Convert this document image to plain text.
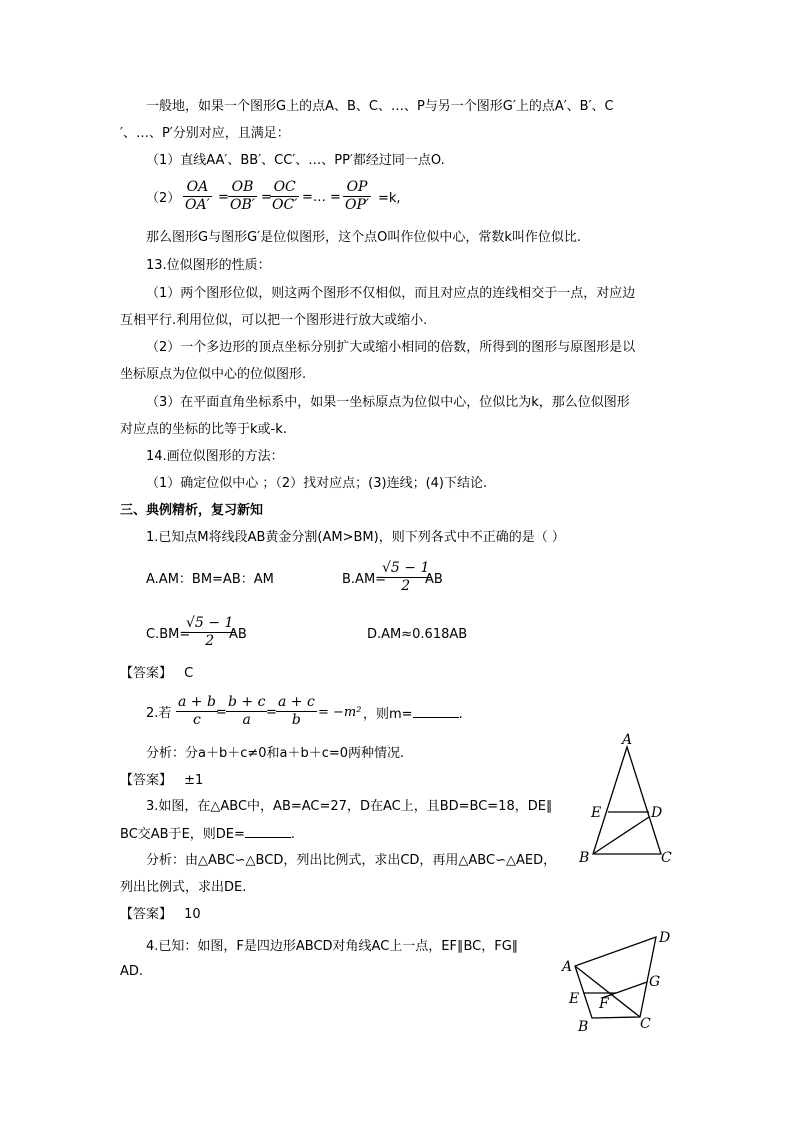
一般地，如果一个图形G上的点A、B、C、…、P与另一个图形G′上的点A′、B′、C
′、…、P′分别对应，且满足：
（1）直线AA′、BB′、CC′、…、PP′都经过同一点O.
$(2) \frac{OA}{OA'} = \frac{OB}{OB'}$ =
$\frac{OC}{OC'}$ =… = $\frac{OP}{OP'} =k$,
那么图形G与图形G′是位似图形，这个点O叫作位似中心，常数k叫作位似比.
13.位似图形的性质：
（1）两个图形位似，则这两个图形不仅相似，而且对应点的连线相交于一点，对应边
互相平行.利用位似，可以把一个图形进行放大或缩小.
（2）一个多边形的顶点坐标分别扩大或缩小相同的倍数，所得到的图形与原图形是以
坐标原点为位似中心的位似图形.
（3）在平面直角坐标系中，如果一坐标原点为位似中心，位似比为k，那么位似图形
对应点的坐标的比等于k或-k.
14.画位似图形的方法：
（1）确定位似中心 ；（2）找对应点；(3)连线；(4)下结论.
三、典例精析，复习新知
1.已知点M将线段AB黄金分割(AM>BM)，则下列各式中不正确的是（ ）
A.AM：BM=AB：AM	B.AM=
$\frac{√5 - 1}{2}$
AB
C.BM=
$\frac{√5 - 1}{2}$
AB	D.AM≈0.618AB
【答案】 C
2.若 $\frac{a + b}{c}$
= $\frac{b + c}{a}$
= $\frac{a + c}{b} = -m^2$ ，则m=	.
分析：分a＋b＋c≠0和a＋b＋c=0两种情况.
【答案】 ±1
3.如图，在△ABC中，AB=AC=27，D在AC上，且BD=BC=18，DE∥
BC交AB于E，则DE=	.
分析：由△ABC∽△BCD，列出比例式，求出CD，再用△ABC∽△AED，
列出比例式，求出DE.
【答案】 10
A
E	D
B	C
4.已知：如图，F是四边形ABCD对角线AC上一点，EF∥BC，FG∥
AD.	A
D
G
E F
B	C
